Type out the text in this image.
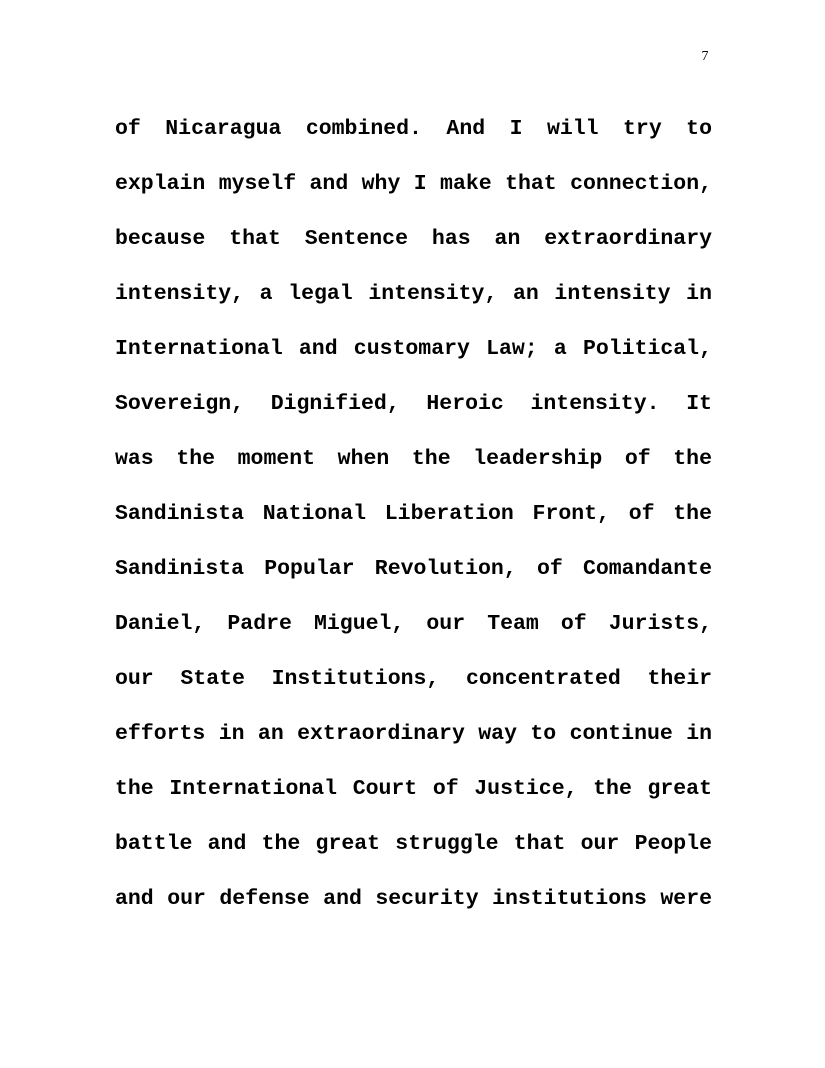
7
of Nicaragua combined. And I will try to
explain myself and why I make that connection,
because that Sentence has an extraordinary
intensity, a legal intensity, an intensity in
International and customary Law; a Political,
Sovereign, Dignified, Heroic intensity. It
was the moment when the leadership of the
Sandinista National Liberation Front, of the
Sandinista Popular Revolution, of Comandante
Daniel, Padre Miguel, our Team of Jurists,
our State Institutions, concentrated their
efforts in an extraordinary way to continue in
the International Court of Justice, the great
battle and the great struggle that our People
and our defense and security institutions were
